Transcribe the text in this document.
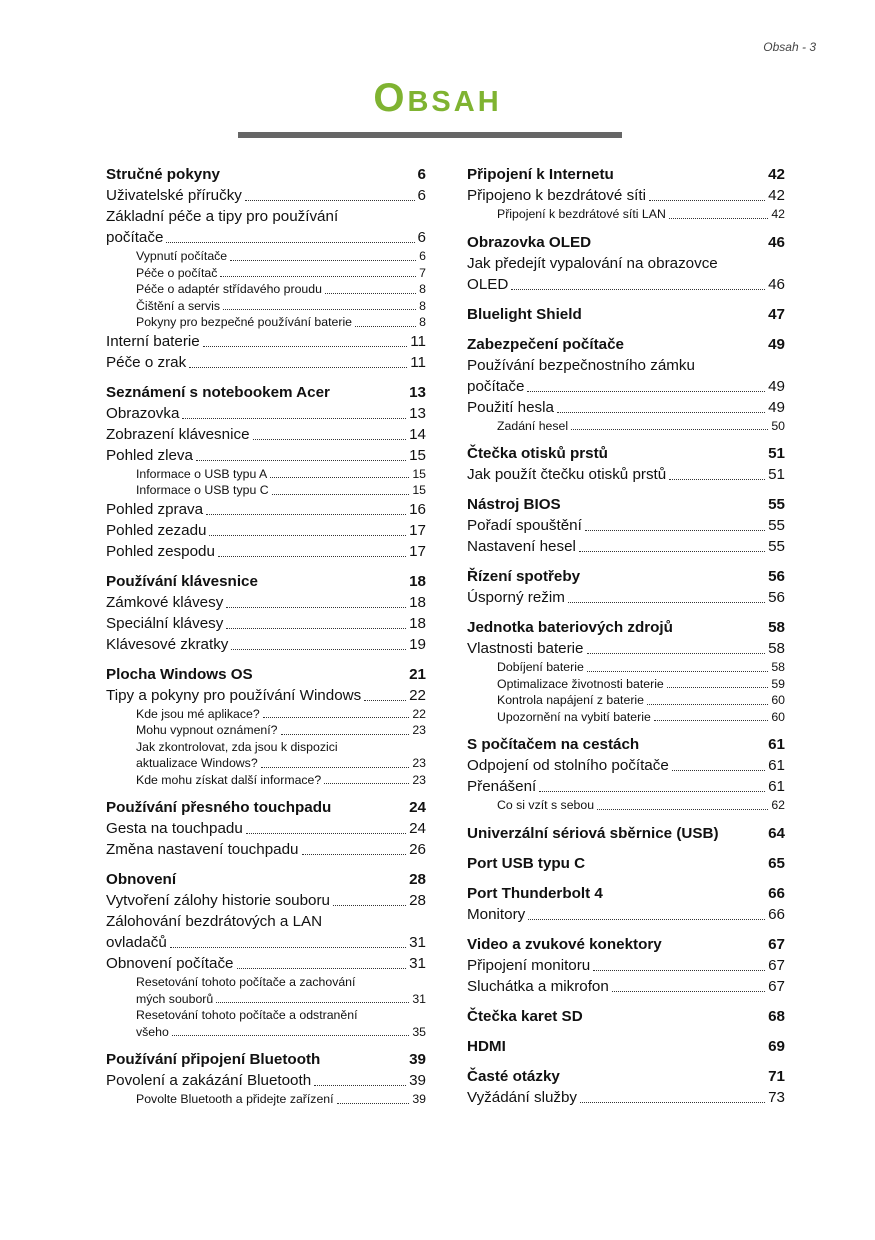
Obsah - 3
OBSAH
Stručné pokyny	6
Uživatelské příručky	6
Základní péče a tipy pro používání
počítače	6
Vypnutí počítače	6
Péče o počítač	7
Péče o adaptér střídavého proudu	8
Čištění a servis	8
Pokyny pro bezpečné používání baterie	8
Interní baterie	11
Péče o zrak	11
Seznámení s notebookem Acer	13
Obrazovka	13
Zobrazení klávesnice	14
Pohled zleva	15
Informace o USB typu A	15
Informace o USB typu C	15
Pohled zprava	16
Pohled zezadu	17
Pohled zespodu	17
Používání klávesnice	18
Zámkové klávesy	18
Speciální klávesy	18
Klávesové zkratky	19
Plocha Windows OS	21
Tipy a pokyny pro používání Windows	22
Kde jsou mé aplikace?	22
Mohu vypnout oznámení?	23
Jak zkontrolovat, zda jsou k dispozici
aktualizace Windows?	23
Kde mohu získat další informace?	23
Používání přesného touchpadu	24
Gesta na touchpadu	24
Změna nastavení touchpadu	26
Obnovení	28
Vytvoření zálohy historie souboru	28
Zálohování bezdrátových a LAN
ovladačů	31
Obnovení počítače	31
Resetování tohoto počítače a zachování
mých souborů	31
Resetování tohoto počítače a odstranění
všeho	35
Používání připojení Bluetooth	39
Povolení a zakázání Bluetooth	39
Povolte Bluetooth a přidejte zařízení	39
Připojení k Internetu	42
Připojeno k bezdrátové síti	42
Připojení k bezdrátové síti LAN	42
Obrazovka OLED	46
Jak předejít vypalování na obrazovce
OLED	46
Bluelight Shield	47
Zabezpečení počítače	49
Používání bezpečnostního zámku
počítače	49
Použití hesla	49
Zadání hesel	50
Čtečka otisků prstů	51
Jak použít čtečku otisků prstů	51
Nástroj BIOS	55
Pořadí spouštění	55
Nastavení hesel	55
Řízení spotřeby	56
Úsporný režim	56
Jednotka bateriových zdrojů	58
Vlastnosti baterie	58
Dobíjení baterie	58
Optimalizace životnosti baterie	59
Kontrola napájení z baterie	60
Upozornění na vybití baterie	60
S počítačem na cestách	61
Odpojení od stolního počítače	61
Přenášení	61
Co si vzít s sebou	62
Univerzální sériová sběrnice (USB)	64
Port USB typu C	65
Port Thunderbolt 4	66
Monitory	66
Video a zvukové konektory	67
Připojení monitoru	67
Sluchátka a mikrofon	67
Čtečka karet SD	68
HDMI	69
Časté otázky	71
Vyžádání služby	73
